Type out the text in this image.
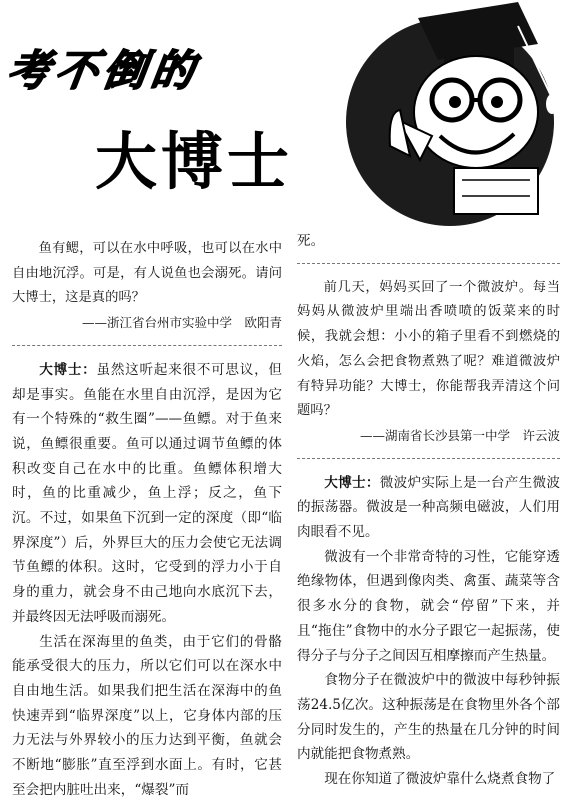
考不倒的
大博士

鱼有鳃，可以在水中呼吸，也可以在水中自由地沉浮。可是，有人说鱼也会溺死。请问大博士，这是真的吗？

——浙江省台州市实验中学　 欧阳青

大博士：虽然这听起来很不可思议，但却是事实。鱼能在水里自由沉浮，是因为它有一个特殊的“救生圈”——鱼鳔。对于鱼来说，鱼鳔很重要。鱼可以通过调节鱼鳔的体积改变自己在水中的比重。鱼鳔体积增大时，鱼的比重减少，鱼上浮；反之，鱼下沉。不过，如果鱼下沉到一定的深度（即“临界深度”）后，外界巨大的压力会使它无法调节鱼鳔的体积。这时，它受到的浮力小于自身的重力，就会身不由己地向水底沉下去，并最终因无法呼吸而溺死。

生活在深海里的鱼类，由于它们的骨骼能承受很大的压力，所以它们可以在深水中自由地生活。如果我们把生活在深海中的鱼快速弄到“临界深度”以上，它身体内部的压力无法与外界较小的压力达到平衡，鱼就会不断地“膨胀”直至浮到水面上。有时，它甚至会把内脏吐出来，“爆裂”而

死。

前几天，妈妈买回了一个微波炉。每当妈妈从微波炉里端出香喷喷的饭菜来的时候，我就会想：小小的箱子里看不到燃烧的火焰，怎么会把食物煮熟了呢？难道微波炉有特异功能？大博士，你能帮我弄清这个问题吗？

——湖南省长沙县第一中学　 许云波

大博士：微波炉实际上是一台产生微波的振荡器。微波是一种高频电磁波，人们用肉眼看不见。

微波有一个非常奇特的习性，它能穿透绝缘物体，但遇到像肉类、禽蛋、蔬菜等含很多水分的食物，就会“停留”下来，并且“拖住”食物中的水分子跟它一起振荡，使得分子与分子之间因互相摩擦而产生热量。

食物分子在微波炉中的微波中每秒钟振荡24.5亿次。这种振荡是在食物里外各个部分同时发生的，产生的热量在几分钟的时间内就能把食物煮熟。

现在你知道了微波炉靠什么烧煮食物了
